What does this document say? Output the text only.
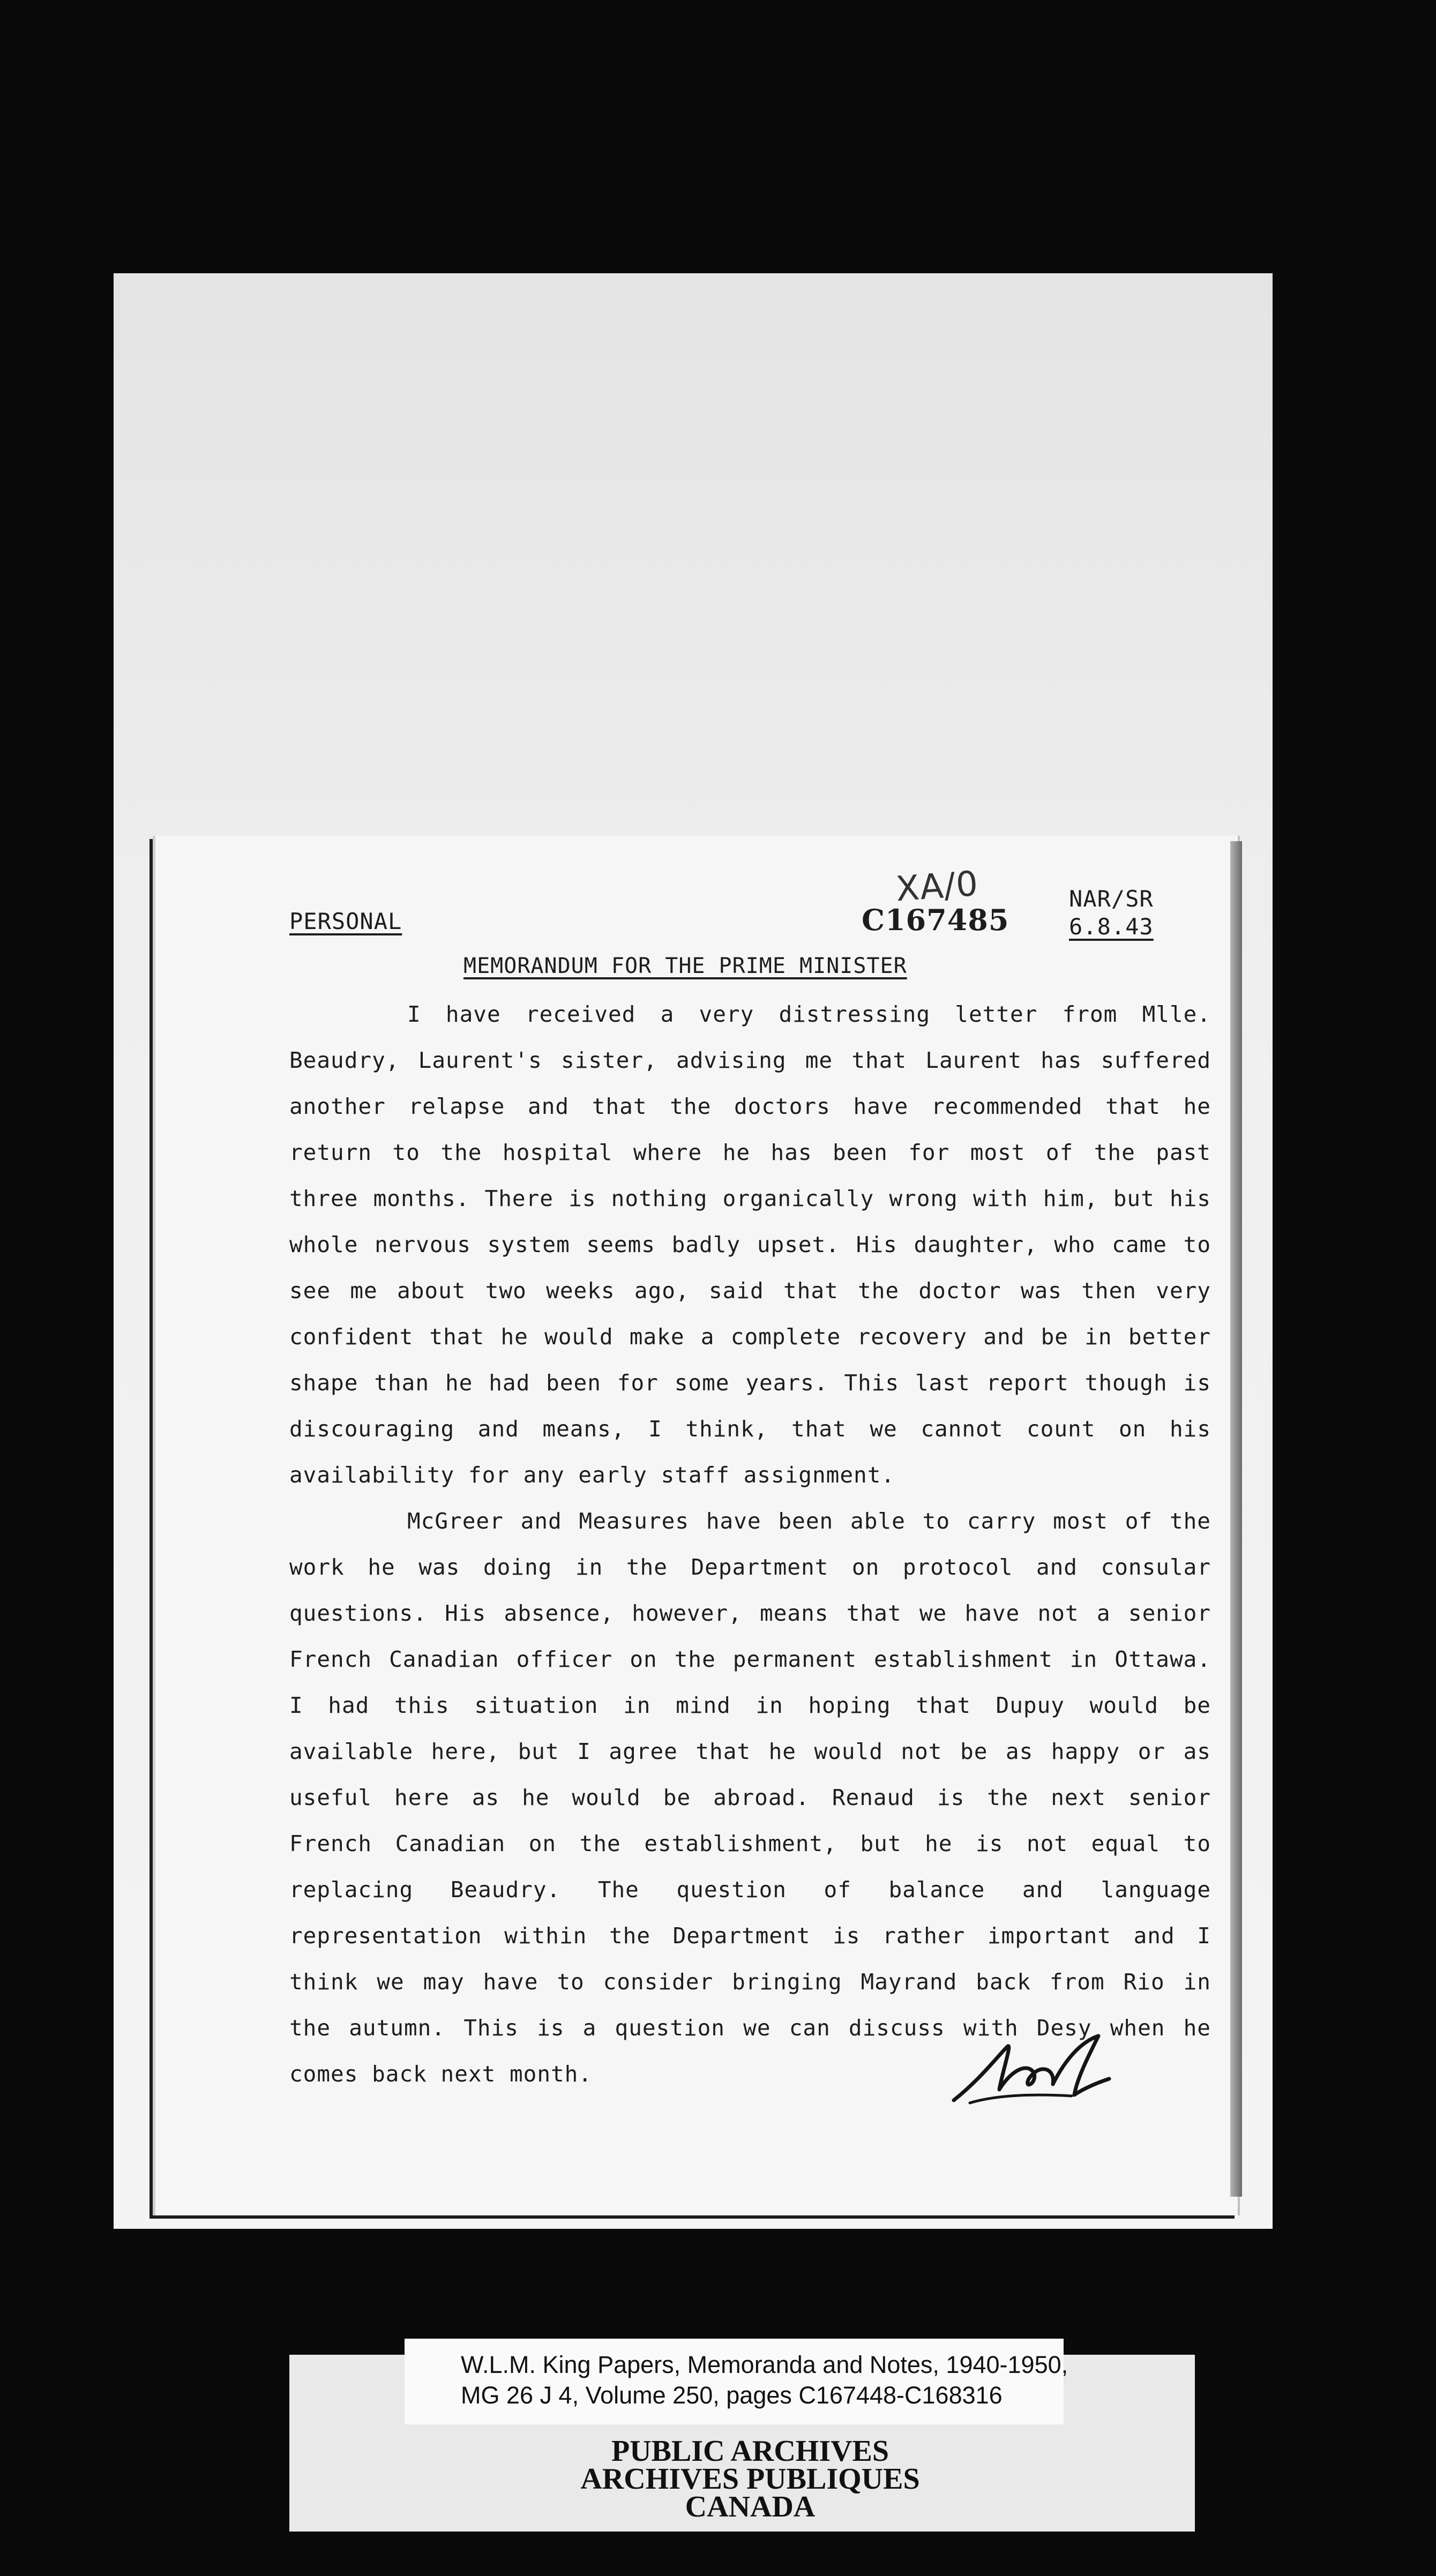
PERSONAL
XA/0
C167485
NAR/SR
6.8.43
MEMORANDUM FOR THE PRIME MINISTER

I have received a very distressing letter from Mlle. Beaudry, Laurent's sister, advising me that Laurent has suffered another relapse and that the doctors have recommended that he return to the hospital where he has been for most of the past three months. There is nothing organically wrong with him, but his whole nervous system seems badly upset. His daughter, who came to see me about two weeks ago, said that the doctor was then very confident that he would make a complete recovery and be in better shape than he had been for some years. This last report though is discouraging and means, I think, that we cannot count on his availability for any early staff assignment.

McGreer and Measures have been able to carry most of the work he was doing in the Department on protocol and consular questions. His absence, however, means that we have not a senior French Canadian officer on the permanent establishment in Ottawa. I had this situation in mind in hoping that Dupuy would be available here, but I agree that he would not be as happy or as useful here as he would be abroad. Renaud is the next senior French Canadian on the establishment, but he is not equal to replacing Beaudry. The question of balance and language representation within the Department is rather important and I think we may have to consider bringing Mayrand back from Rio in the autumn. This is a question we can discuss with Desy when he comes back next month.

W.L.M. King Papers, Memoranda and Notes, 1940-1950,
MG 26 J 4, Volume 250, pages C167448-C168316
PUBLIC ARCHIVES
ARCHIVES PUBLIQUES
CANADA
